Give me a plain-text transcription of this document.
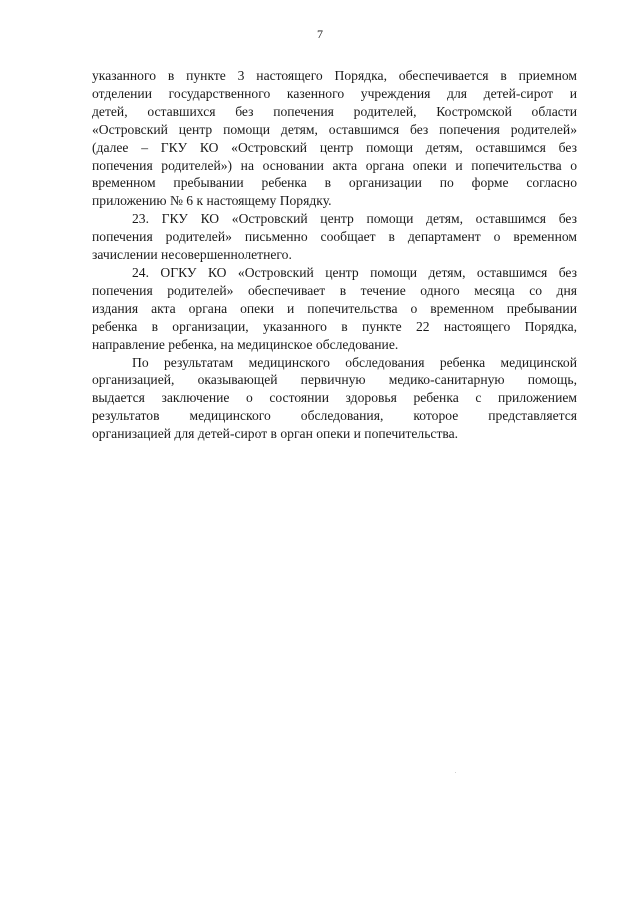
7

указанного в пункте 3 настоящего Порядка, обеспечивается в приемном
отделении государственного казенного учреждения для детей-сирот и
детей, оставшихся без попечения родителей, Костромской области
«Островский центр помощи детям, оставшимся без попечения родителей»
(далее – ГКУ КО «Островский центр помощи детям, оставшимся без
попечения родителей») на основании акта органа опеки и попечительства о
временном пребывании ребенка в организации по форме согласно
приложению № 6 к настоящему Порядку.

23. ГКУ КО «Островский центр помощи детям, оставшимся без
попечения родителей» письменно сообщает в департамент о временном
зачислении несовершеннолетнего.

24. ОГКУ КО «Островский центр помощи детям, оставшимся без
попечения родителей» обеспечивает в течение одного месяца со дня
издания акта органа опеки и попечительства о временном пребывании
ребенка в организации, указанного в пункте 22 настоящего Порядка,
направление ребенка, на медицинское обследование.

По результатам медицинского обследования ребенка медицинской
организацией, оказывающей первичную медико-санитарную помощь,
выдается заключение о состоянии здоровья ребенка с приложением
результатов медицинского обследования, которое представляется
организацией для детей-сирот в орган опеки и попечительства.
